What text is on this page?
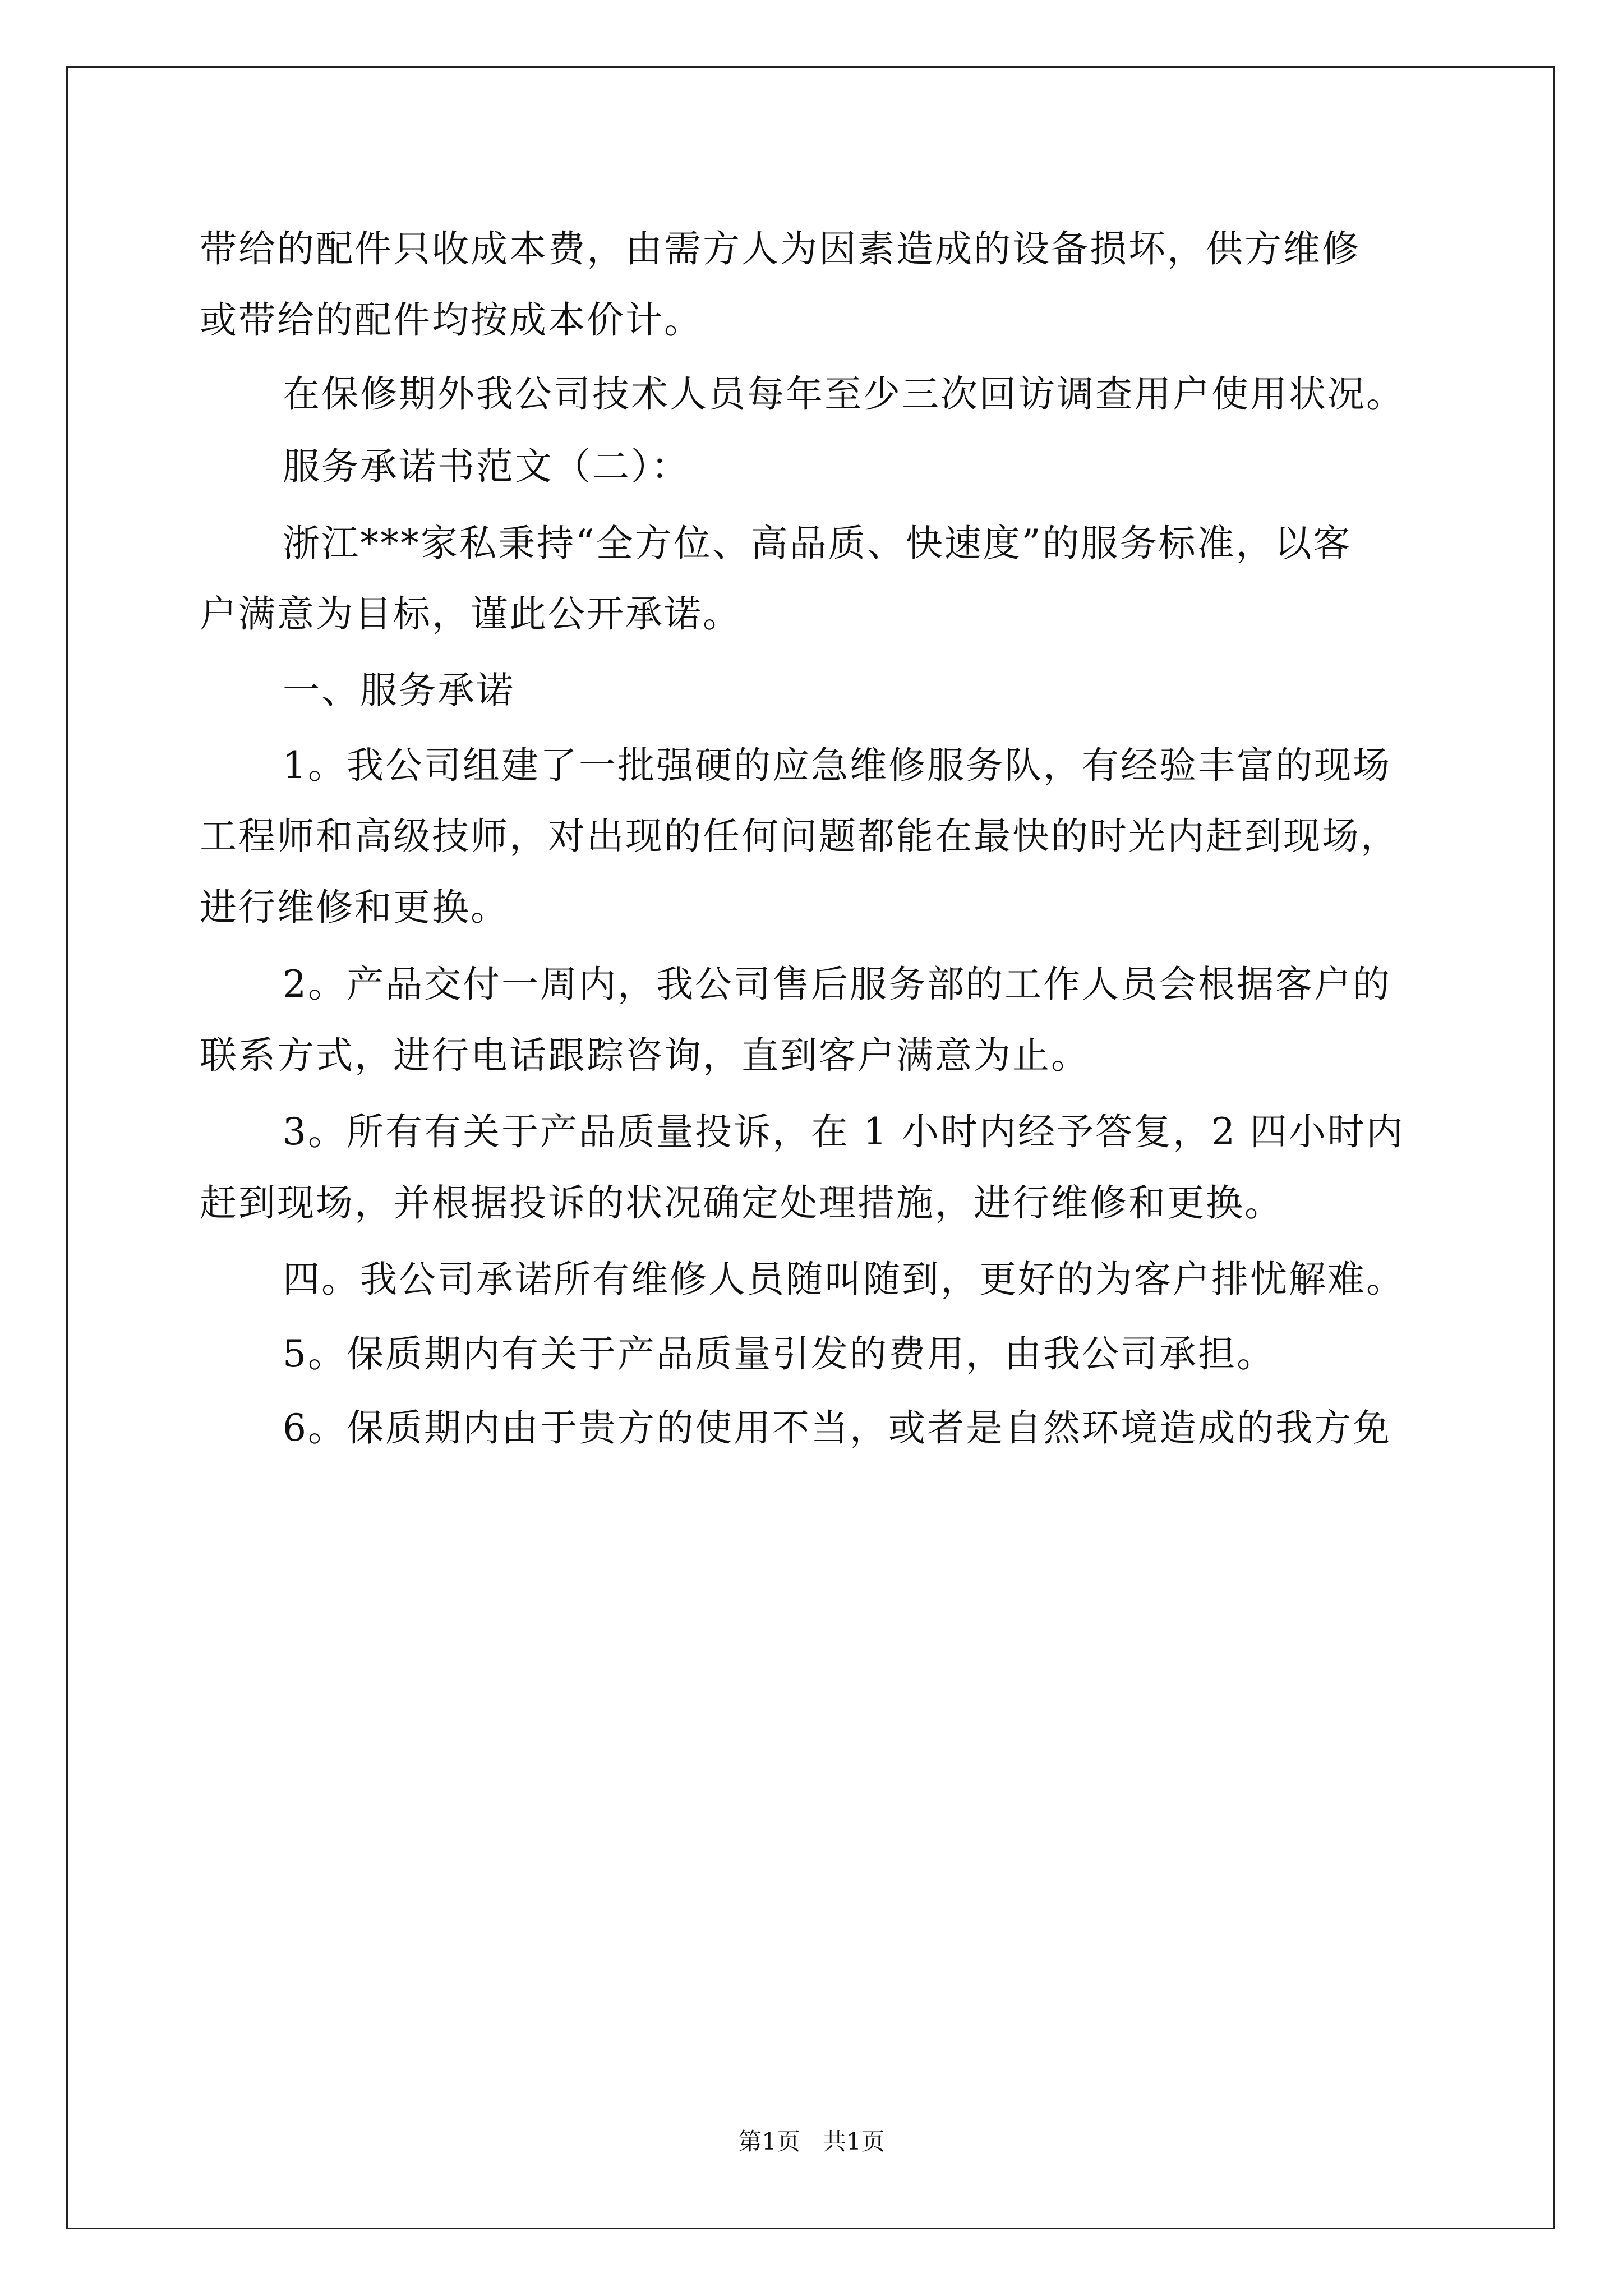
带给的配件只收成本费，由需方人为因素造成的设备损坏，供方维修
或带给的配件均按成本价计。
在保修期外我公司技术人员每年至少三次回访调查用户使用状况。
服务承诺书范文（二）：
浙江***家私秉持“全方位、高品质、快速度”的服务标准，以客
户满意为目标，谨此公开承诺。
一、服务承诺
1。我公司组建了一批强硬的应急维修服务队，有经验丰富的现场
工程师和高级技师，对出现的任何问题都能在最快的时光内赶到现场，
进行维修和更换。
2。产品交付一周内，我公司售后服务部的工作人员会根据客户的
联系方式，进行电话跟踪咨询，直到客户满意为止。
3。所有有关于产品质量投诉，在 1 小时内经予答复，2 四小时内
赶到现场，并根据投诉的状况确定处理措施，进行维修和更换。
四。我公司承诺所有维修人员随叫随到，更好的为客户排忧解难。
5。保质期内有关于产品质量引发的费用，由我公司承担。
6。保质期内由于贵方的使用不当，或者是自然环境造成的我方免
第1页   共1页
